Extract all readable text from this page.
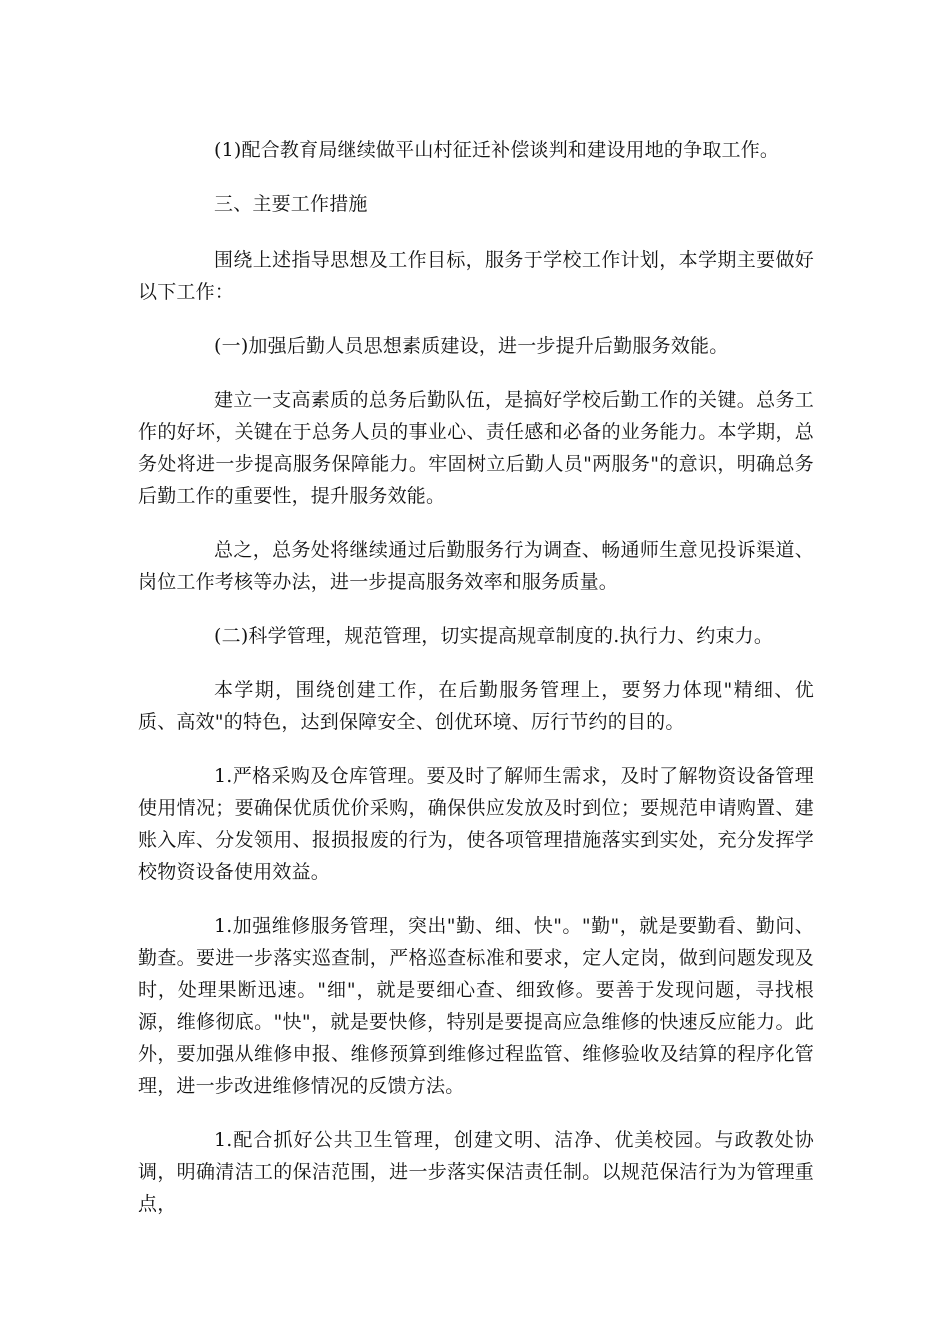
(1)配合教育局继续做平山村征迁补偿谈判和建设用地的争取工作。

三、主要工作措施

围绕上述指导思想及工作目标，服务于学校工作计划，本学期主要做好以下工作：

(一)加强后勤人员思想素质建设，进一步提升后勤服务效能。

建立一支高素质的总务后勤队伍，是搞好学校后勤工作的关键。总务工作的好坏，关键在于总务人员的事业心、责任感和必备的业务能力。本学期，总务处将进一步提高服务保障能力。牢固树立后勤人员"两服务"的意识，明确总务后勤工作的重要性，提升服务效能。

总之，总务处将继续通过后勤服务行为调查、畅通师生意见投诉渠道、岗位工作考核等办法，进一步提高服务效率和服务质量。

(二)科学管理，规范管理，切实提高规章制度的.执行力、约束力。

本学期，围绕创建工作，在后勤服务管理上，要努力体现"精细、优质、高效"的特色，达到保障安全、创优环境、厉行节约的目的。

1.严格采购及仓库管理。要及时了解师生需求，及时了解物资设备管理使用情况；要确保优质优价采购，确保供应发放及时到位；要规范申请购置、建账入库、分发领用、报损报废的行为，使各项管理措施落实到实处，充分发挥学校物资设备使用效益。

1.加强维修服务管理，突出"勤、细、快"。"勤"，就是要勤看、勤问、勤查。要进一步落实巡查制，严格巡查标准和要求，定人定岗，做到问题发现及时，处理果断迅速。"细"，就是要细心查、细致修。要善于发现问题，寻找根源，维修彻底。"快"，就是要快修，特别是要提高应急维修的快速反应能力。此外，要加强从维修申报、维修预算到维修过程监管、维修验收及结算的程序化管理，进一步改进维修情况的反馈方法。

1.配合抓好公共卫生管理，创建文明、洁净、优美校园。与政教处协调，明确清洁工的保洁范围，进一步落实保洁责任制。以规范保洁行为为管理重点，
